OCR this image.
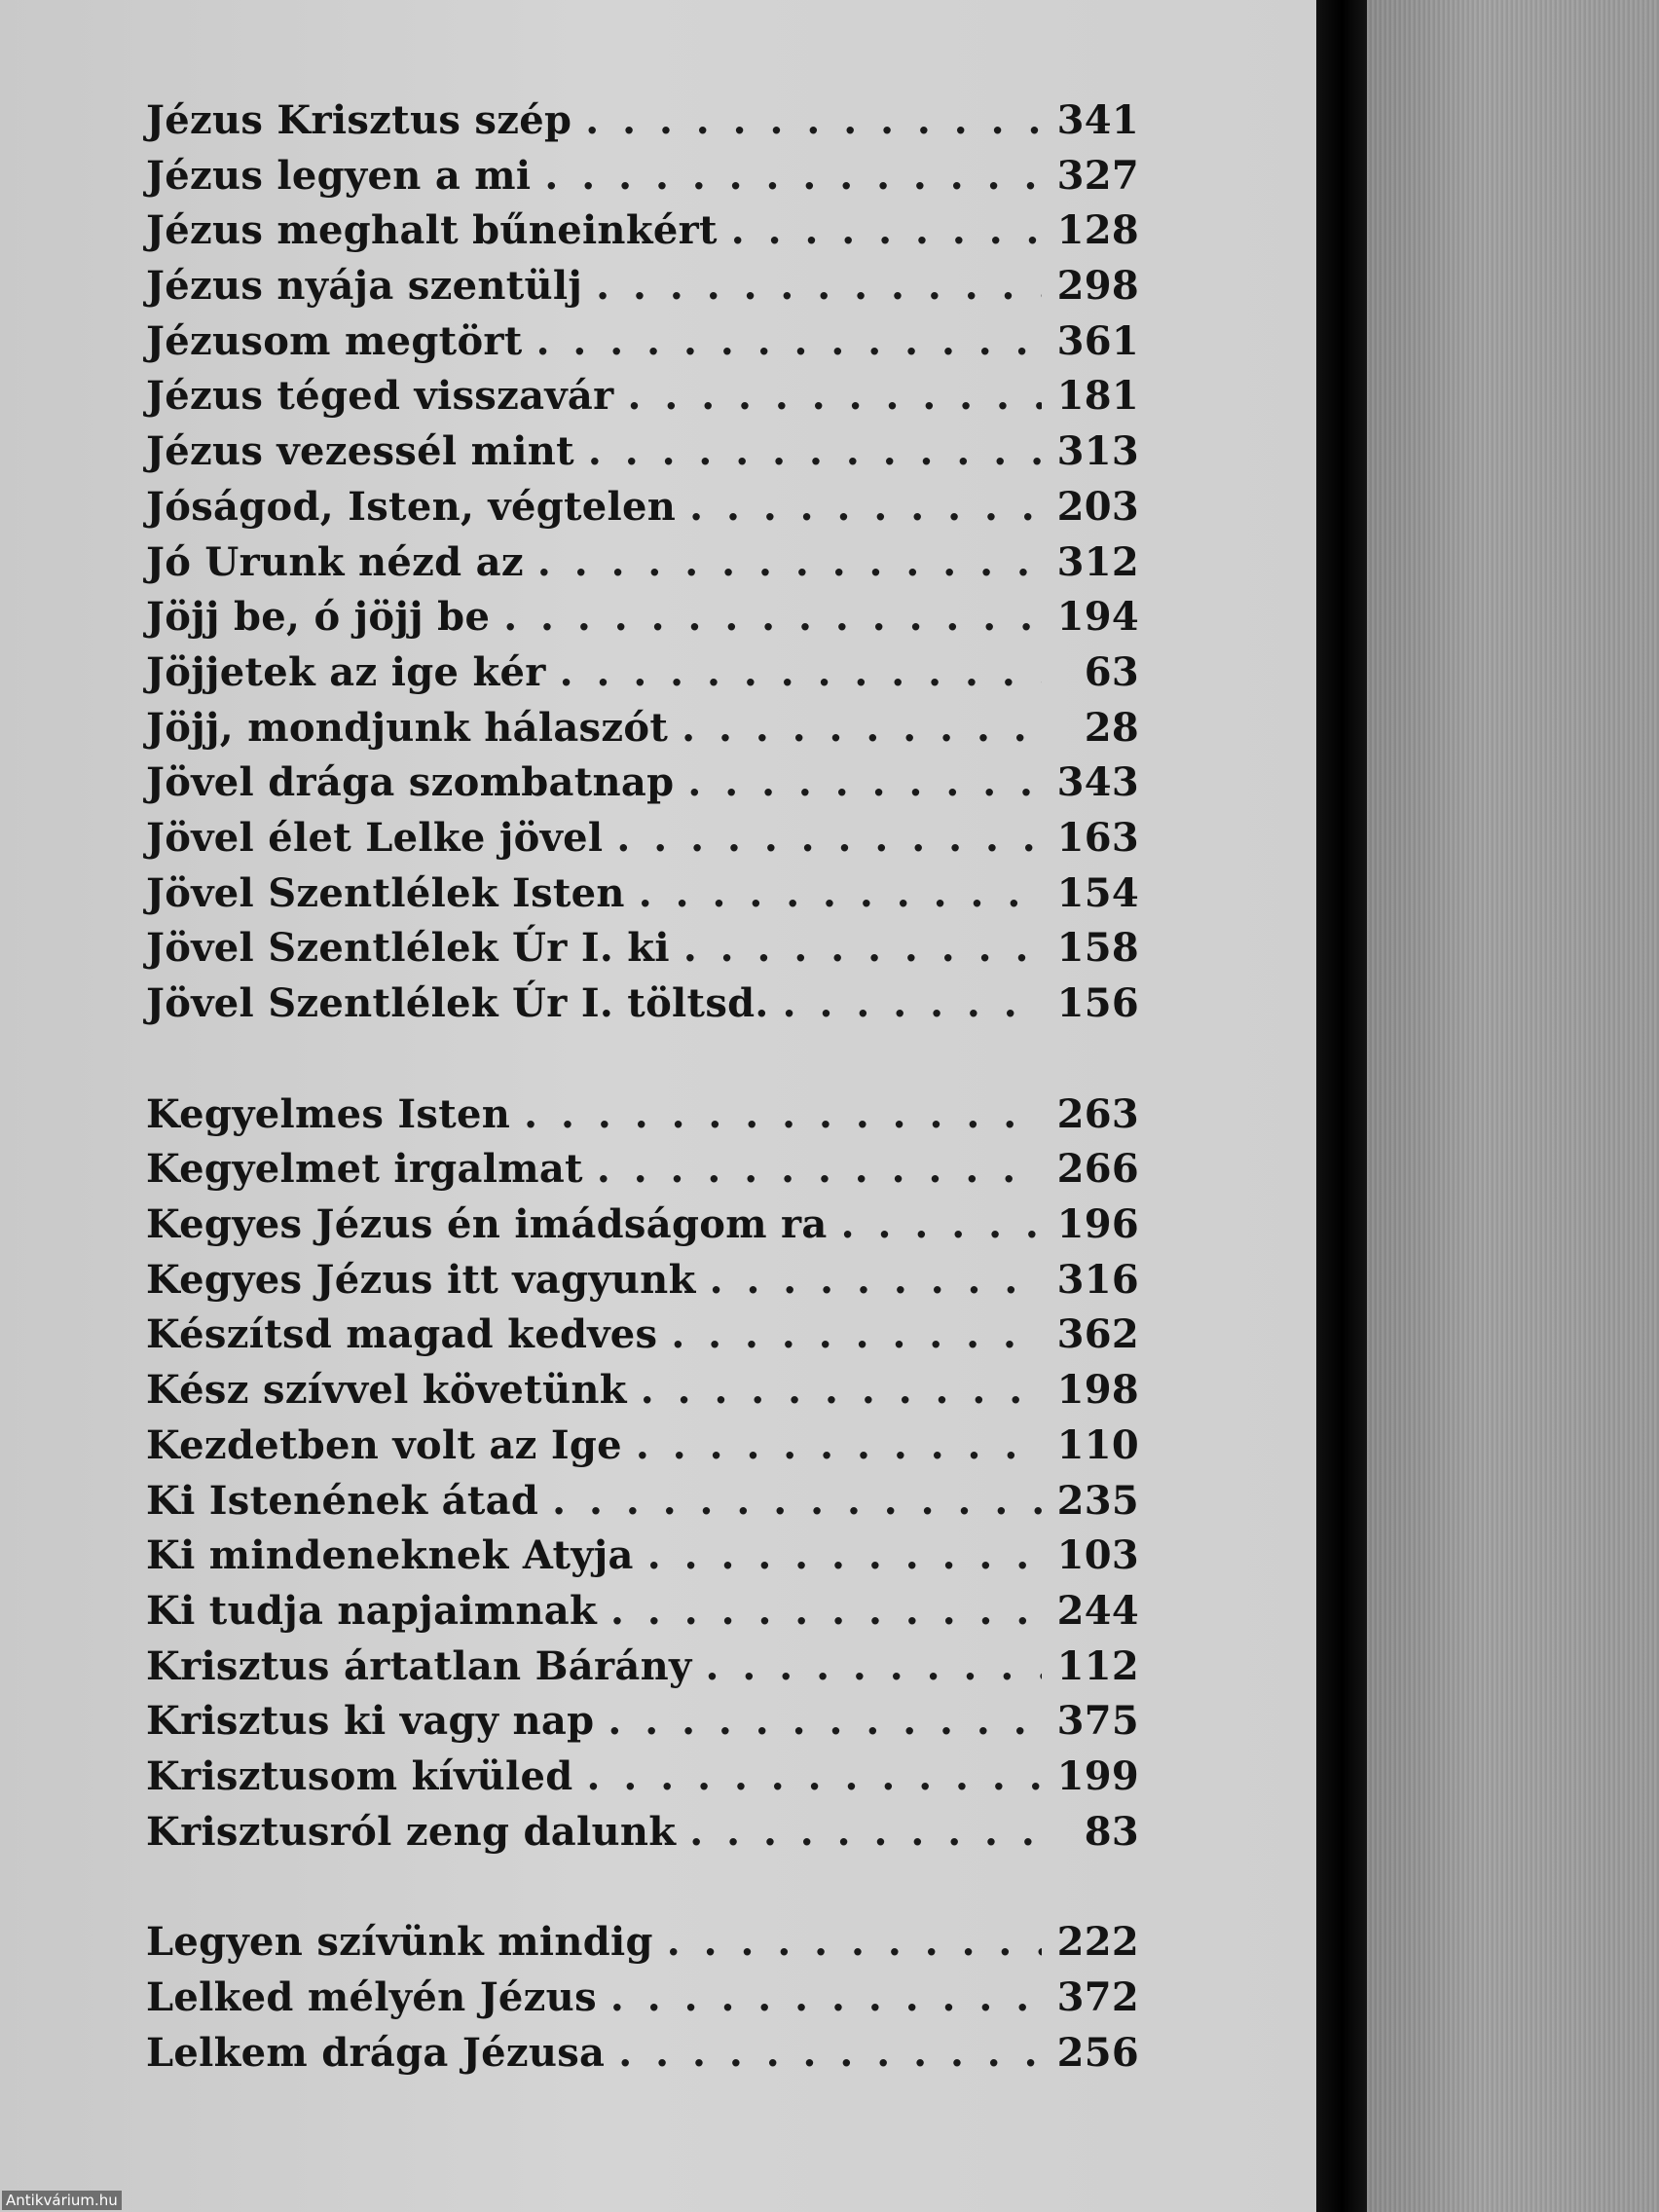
Jézus Krisztus szép . . .	341
Jézus legyen a mi . . .	327
Jézus meghalt bűneinkért . . .	128
Jézus nyája szentülj . . .	298
Jézusom megtört . . .	361
Jézus téged visszavár . . .	181
Jézus vezessél mint . . .	313
Jóságod, Isten, végtelen . . .	203
Jó Urunk nézd az . . .	312
Jöjj be, ó jöjj be . . .	194
Jöjjetek az ige kér . . .	63
Jöjj, mondjunk hálaszót . . .	28
Jövel drága szombatnap . . .	343
Jövel élet Lelke jövel . . .	163
Jövel Szentlélek Isten . . .	154
Jövel Szentlélek Úr I. ki . . .	158
Jövel Szentlélek Úr I. töltsd. . . .	156
Kegyelmes Isten . . .	263
Kegyelmet irgalmat . . .	266
Kegyes Jézus én imádságom ra . . .	196
Kegyes Jézus itt vagyunk . . .	316
Készítsd magad kedves . . .	362
Kész szívvel követünk . . .	198
Kezdetben volt az Ige . . .	110
Ki Istenének átad . . .	235
Ki mindeneknek Atyja . . .	103
Ki tudja napjaimnak . . .	244
Krisztus ártatlan Bárány . . .	112
Krisztus ki vagy nap . . .	375
Krisztusom kívüled . . .	199
Krisztusról zeng dalunk . . .	83
Legyen szívünk mindig . . .	222
Lelked mélyén Jézus . . .	372
Lelkem drága Jézusa . . .	256
Antikvárium.hu
